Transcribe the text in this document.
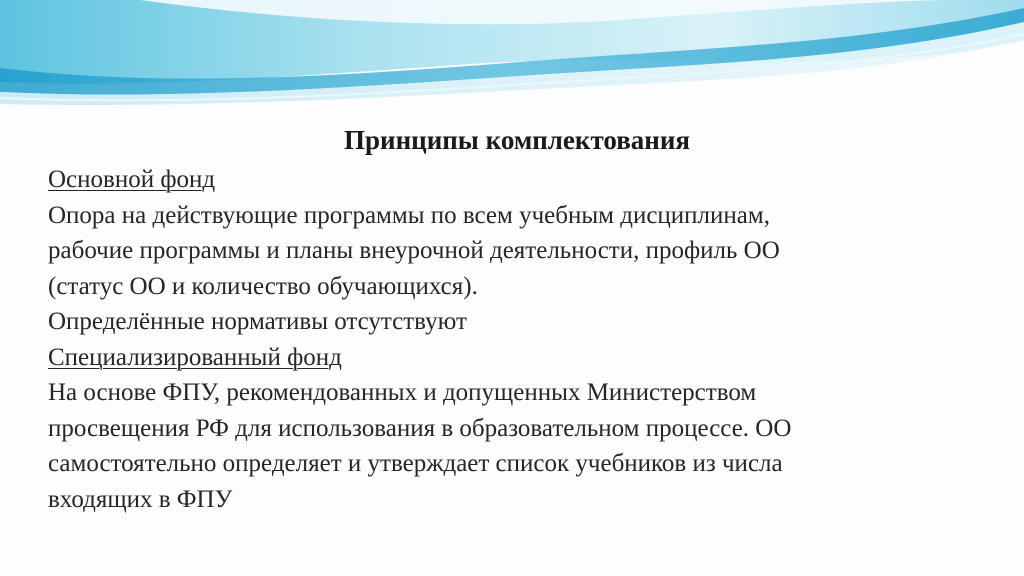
Принципы комплектования
Основной фонд
Опора на действующие программы по всем учебным дисциплинам,
рабочие программы и планы внеурочной деятельности, профиль ОО
(статус ОО и количество обучающихся).
Определённые нормативы отсутствуют
Специализированный фонд
На основе ФПУ, рекомендованных и допущенных Министерством
просвещения РФ для использования в образовательном процессе. ОО
самостоятельно определяет и утверждает список учебников из числа
входящих в ФПУ
